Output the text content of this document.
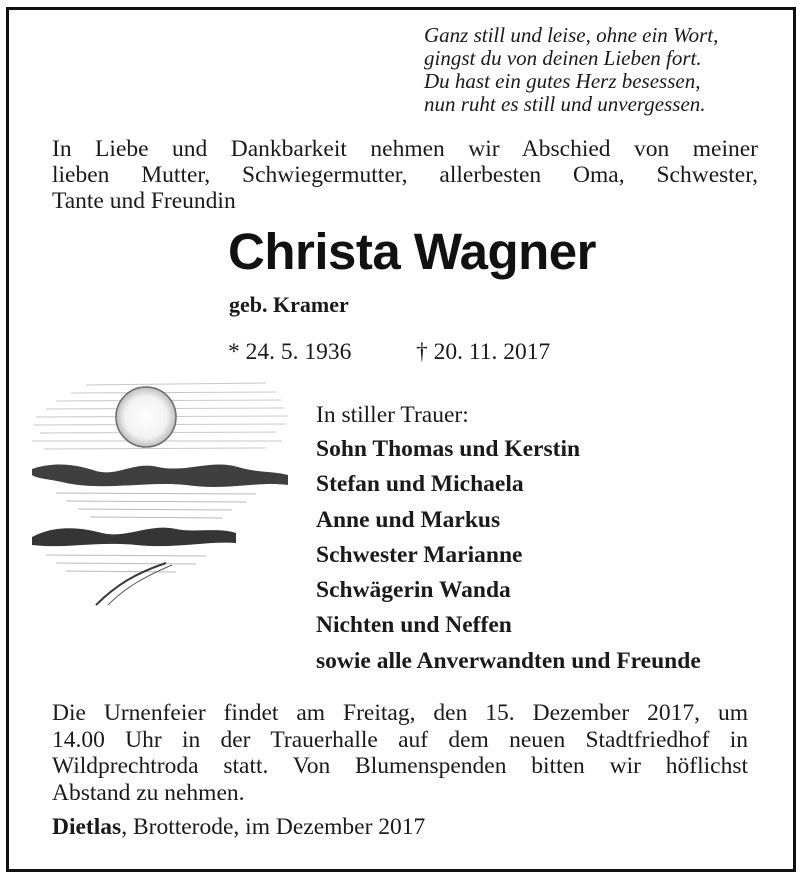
Ganz still und leise, ohne ein Wort,
gingst du von deinen Lieben fort.
Du hast ein gutes Herz besessen,
nun ruht es still und unvergessen.
In Liebe und Dankbarkeit nehmen wir Abschied von meiner
lieben Mutter, Schwiegermutter, allerbesten Oma, Schwester,
Tante und Freundin
Christa Wagner
geb. Kramer
* 24. 5. 1936	† 20. 11. 2017
In stiller Trauer:
Sohn Thomas und Kerstin
Stefan und Michaela
Anne und Markus
Schwester Marianne
Schwägerin Wanda
Nichten und Neffen
sowie alle Anverwandten und Freunde
Die Urnenfeier findet am Freitag, den 15. Dezember 2017, um
14.00 Uhr in der Trauerhalle auf dem neuen Stadtfriedhof in
Wildprechtroda statt. Von Blumenspenden bitten wir höflichst
Abstand zu nehmen.
Dietlas, Brotterode, im Dezember 2017
